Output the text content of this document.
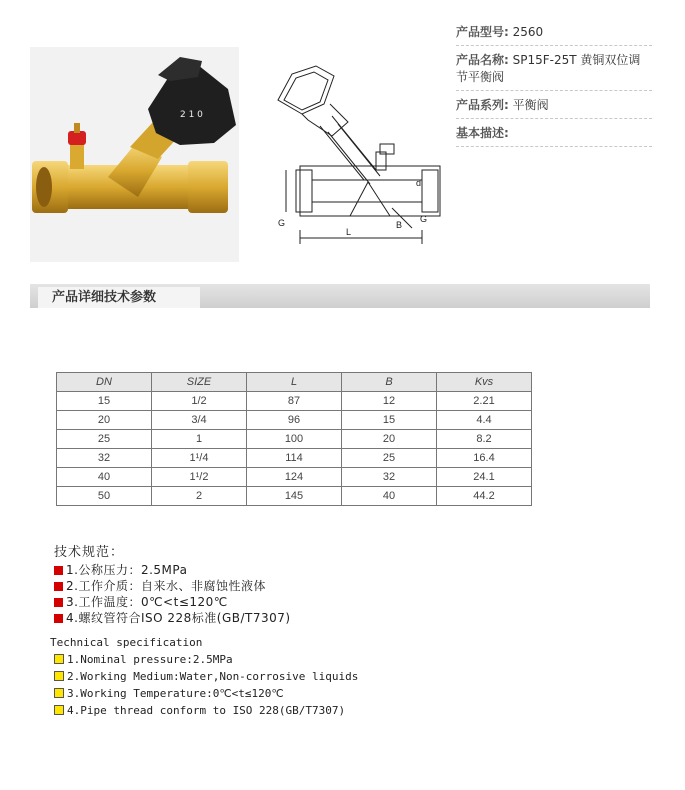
2 1 0
L
G	G
B
d
产品型号: 2560
产品名称: SP15F-25T 黄铜双位调节平衡阀
产品系列: 平衡阀
基本描述:
产品详细技术参数
DN	SIZE	L	B	Kvs
15	1/2	87	12	2.21
20	3/4	96	15	4.4
25	1	100	20	8.2
32	1¹/4	114	25	16.4
40	1¹/2	124	32	24.1
50	2	145	40	44.2
技术规范：
1.公称压力：2.5MPa
2.工作介质：自来水、非腐蚀性液体
3.工作温度：0℃<t≤120℃
4.螺纹管符合ISO 228标准(GB/T7307)
Technical specification
1.Nominal pressure:2.5MPa
2.Working Medium:Water,Non-corrosive liquids
3.Working Temperature:0℃<t≤120℃
4.Pipe thread conform to ISO 228(GB/T7307)
